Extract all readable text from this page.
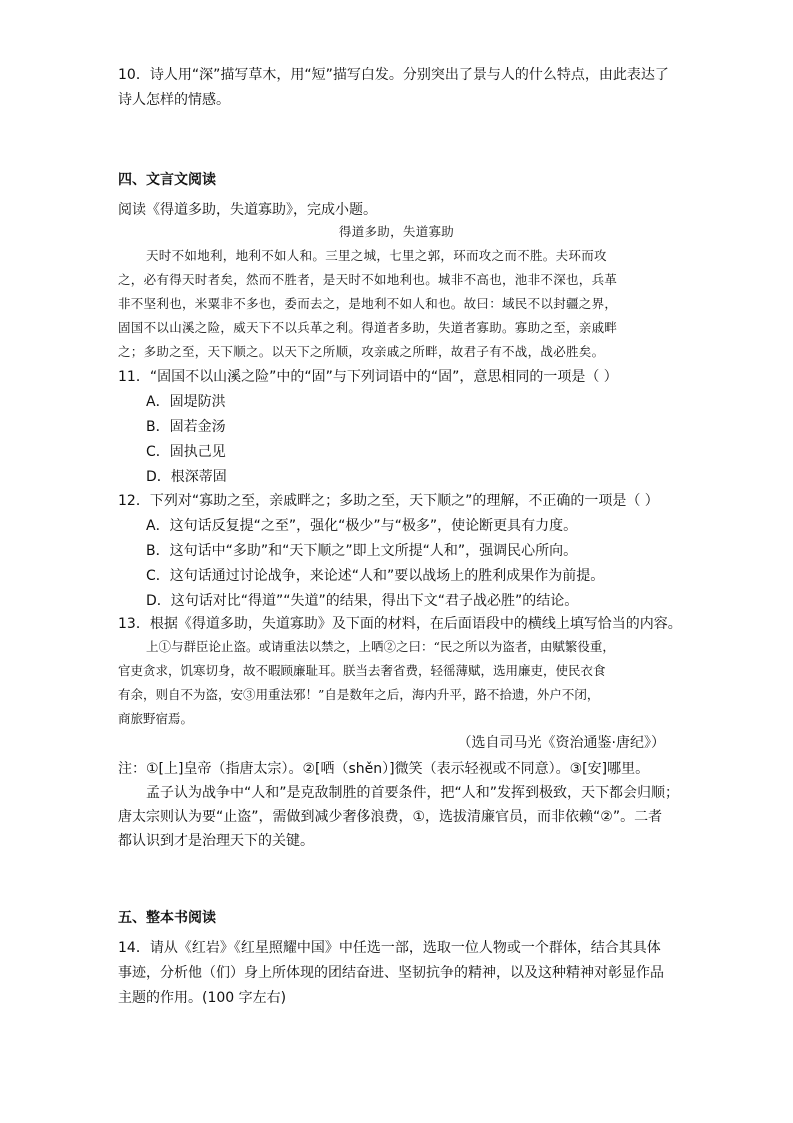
10．诗人用“深”描写草木，用“短”描写白发。分别突出了景与人的什么特点，由此表达了
诗人怎样的情感。
四、文言文阅读
阅读《得道多助，失道寡助》，完成小题。
得道多助，失道寡助
天时不如地利，地利不如人和。三里之城，七里之郭，环而攻之而不胜。夫环而攻
之，必有得天时者矣，然而不胜者，是天时不如地利也。城非不高也，池非不深也，兵革
非不坚利也，米粟非不多也，委而去之，是地利不如人和也。故曰：域民不以封疆之界，
固国不以山溪之险，威天下不以兵革之利。得道者多助，失道者寡助。寡助之至，亲戚畔
之；多助之至，天下顺之。以天下之所顺，攻亲戚之所畔，故君子有不战，战必胜矣。
11．“固国不以山溪之险”中的“固”与下列词语中的“固”，意思相同的一项是（ ）
A．固堤防洪
B．固若金汤
C．固执己见
D．根深蒂固
12．下列对“寡助之至，亲戚畔之；多助之至，天下顺之”的理解，不正确的一项是（ ）
A．这句话反复提“之至”，强化“极少”与“极多”，使论断更具有力度。
B．这句话中“多助”和“天下顺之”即上文所提“人和”，强调民心所向。
C．这句话通过讨论战争，来论述“人和”要以战场上的胜利成果作为前提。
D．这句话对比“得道”“失道”的结果，得出下文“君子战必胜”的结论。
13．根据《得道多助，失道寡助》及下面的材料，在后面语段中的横线上填写恰当的内容。
上①与群臣论止盗。或请重法以禁之，上哂②之曰：“民之所以为盗者，由赋繁役重，
官吏贪求，饥寒切身，故不暇顾廉耻耳。朕当去奢省费，轻徭薄赋，选用廉吏，使民衣食
有余，则自不为盗，安③用重法邪！”自是数年之后，海内升平，路不拾遗，外户不闭，
商旅野宿焉。
（选自司马光《资治通鉴·唐纪》）
注：①[上]皇帝（指唐太宗）。②[哂（shěn）]微笑（表示轻视或不同意）。③[安]哪里。
孟子认为战争中“人和”是克敌制胜的首要条件，把“人和”发挥到极致，天下都会归顺；
唐太宗则认为要“止盗”，需做到减少奢侈浪费，①，选拔清廉官员，而非依赖“②”。二者
都认识到才是治理天下的关键。
五、整本书阅读
14．请从《红岩》《红星照耀中国》中任选一部，选取一位人物或一个群体，结合其具体
事迹，分析他（们）身上所体现的团结奋进、坚韧抗争的精神，以及这种精神对彰显作品
主题的作用。(100 字左右)
